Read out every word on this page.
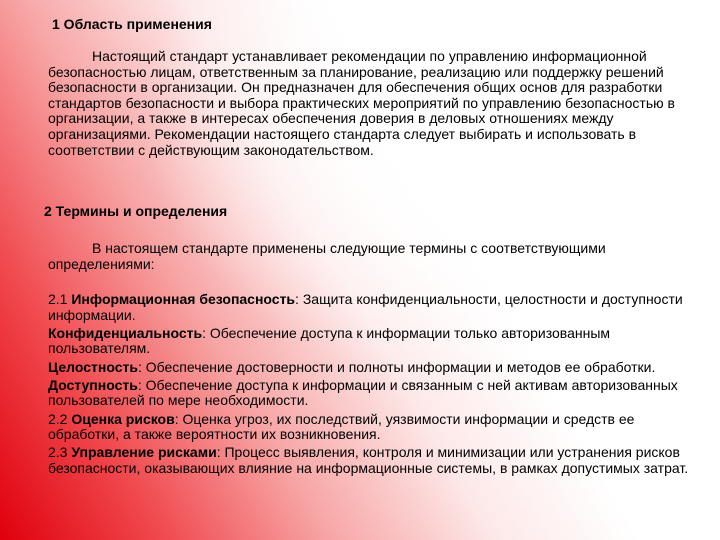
1 Область применения

Настоящий стандарт устанавливает рекомендации по управлению информационной безопасностью лицам, ответственным за планирование, реализацию или поддержку решений безопасности в организации. Он предназначен для обеспечения общих основ для разработки стандартов безопасности и выбора практических мероприятий по управлению безопасностью в организации, а также в интересах обеспечения доверия в деловых отношениях между организациями. Рекомендации настоящего стандарта следует выбирать и использовать в соответствии с действующим законодательством.

2 Термины и определения

В настоящем стандарте применены следующие термины с соответствующими определениями:

2.1 Информационная безопасность: Защита конфиденциальности, целостности и доступности информации.

Конфиденциальность: Обеспечение доступа к информации только авторизованным пользователям.

Целостность: Обеспечение достоверности и полноты информации и методов ее обработки.

Доступность: Обеспечение доступа к информации и связанным с ней активам авторизованных пользователей по мере необходимости.

2.2 Оценка рисков: Оценка угроз, их последствий, уязвимости информации и средств ее обработки, а также вероятности их возникновения.

2.3 Управление рисками: Процесс выявления, контроля и минимизации или устранения рисков безопасности, оказывающих влияние на информационные системы, в рамках допустимых затрат.
